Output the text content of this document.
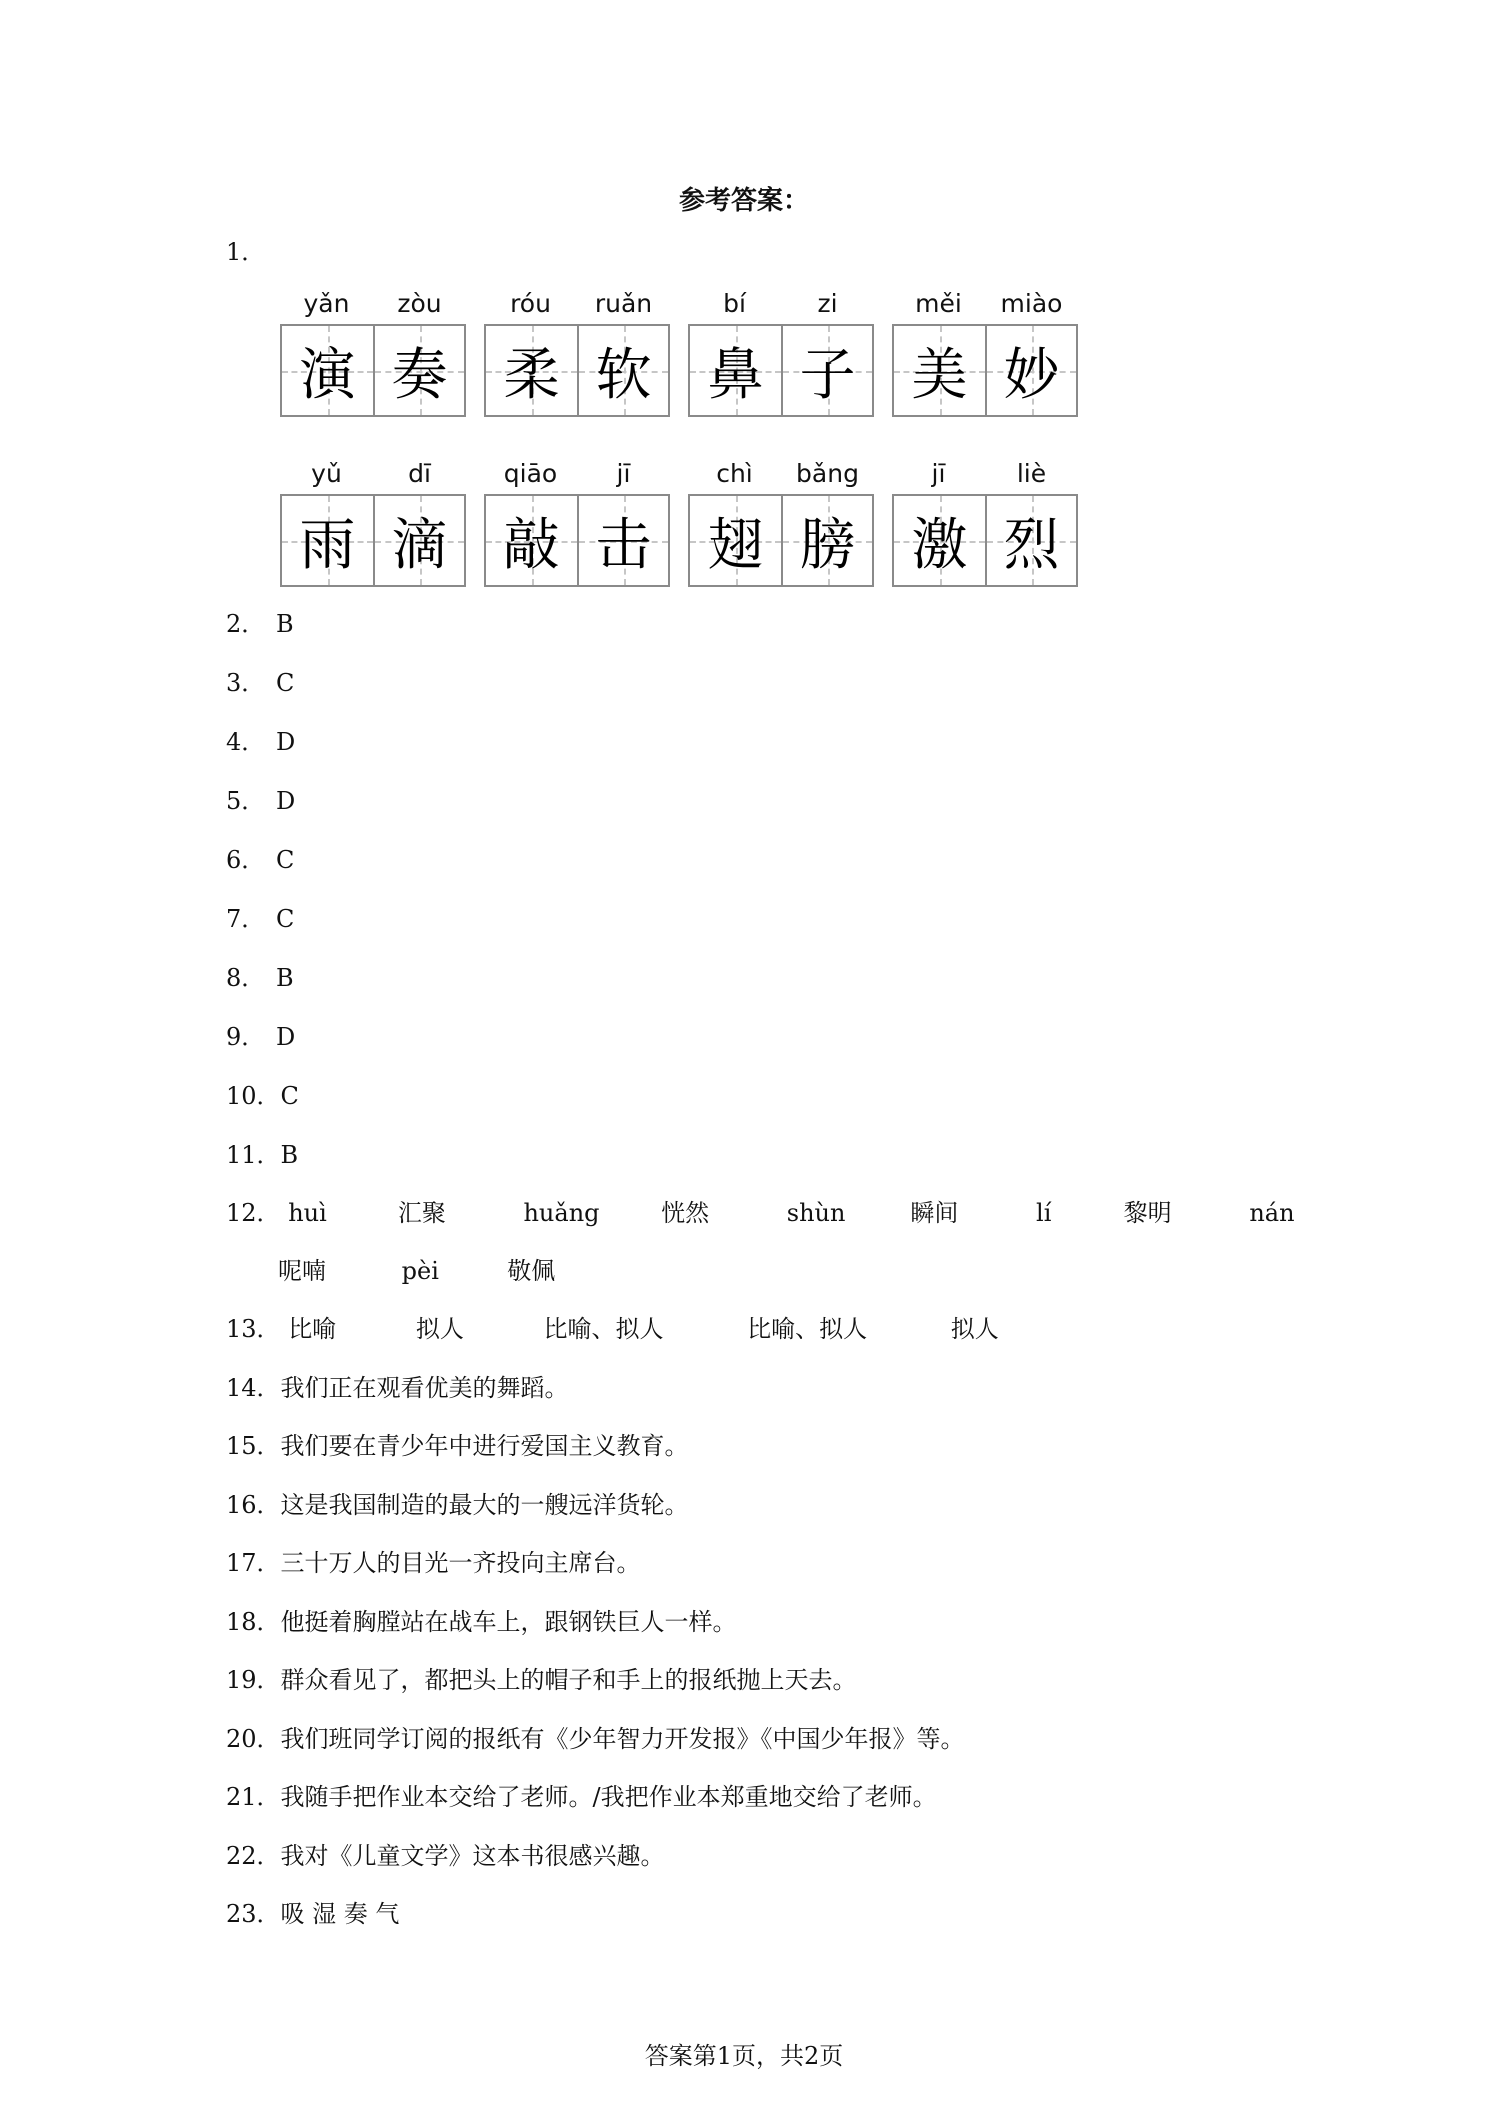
参考答案：
1．
yǎn	zòu
演 奏
róu	ruǎn
柔 软
bí	zi
鼻 子
měi	miào
美 妙
yǔ	dī
雨 滴
qiāo	jī
敲 击
chì	bǎng
翅 膀
jī	liè
激 烈
2． B
3． C
4． D
5． D
6． C
7． C
8． B
9． D
10．C
11．B
12． huì	汇聚	huǎng	恍然	shùn	瞬间	lí	黎明	nán
呢喃	pèi	敬佩
13． 比喻	拟人	比喻、拟人	比喻、拟人	拟人
14．我们正在观看优美的舞蹈。
15．我们要在青少年中进行爱国主义教育。
16．这是我国制造的最大的一艘远洋货轮。
17．三十万人的目光一齐投向主席台。
18．他挺着胸膛站在战车上，跟钢铁巨人一样。
19．群众看见了，都把头上的帽子和手上的报纸抛上天去。
20．我们班同学订阅的报纸有《少年智力开发报》《中国少年报》等。
21．我随手把作业本交给了老师。/我把作业本郑重地交给了老师。
22．我对《儿童文学》这本书很感兴趣。
23．吸 湿 奏 气
答案第1页，共2页
